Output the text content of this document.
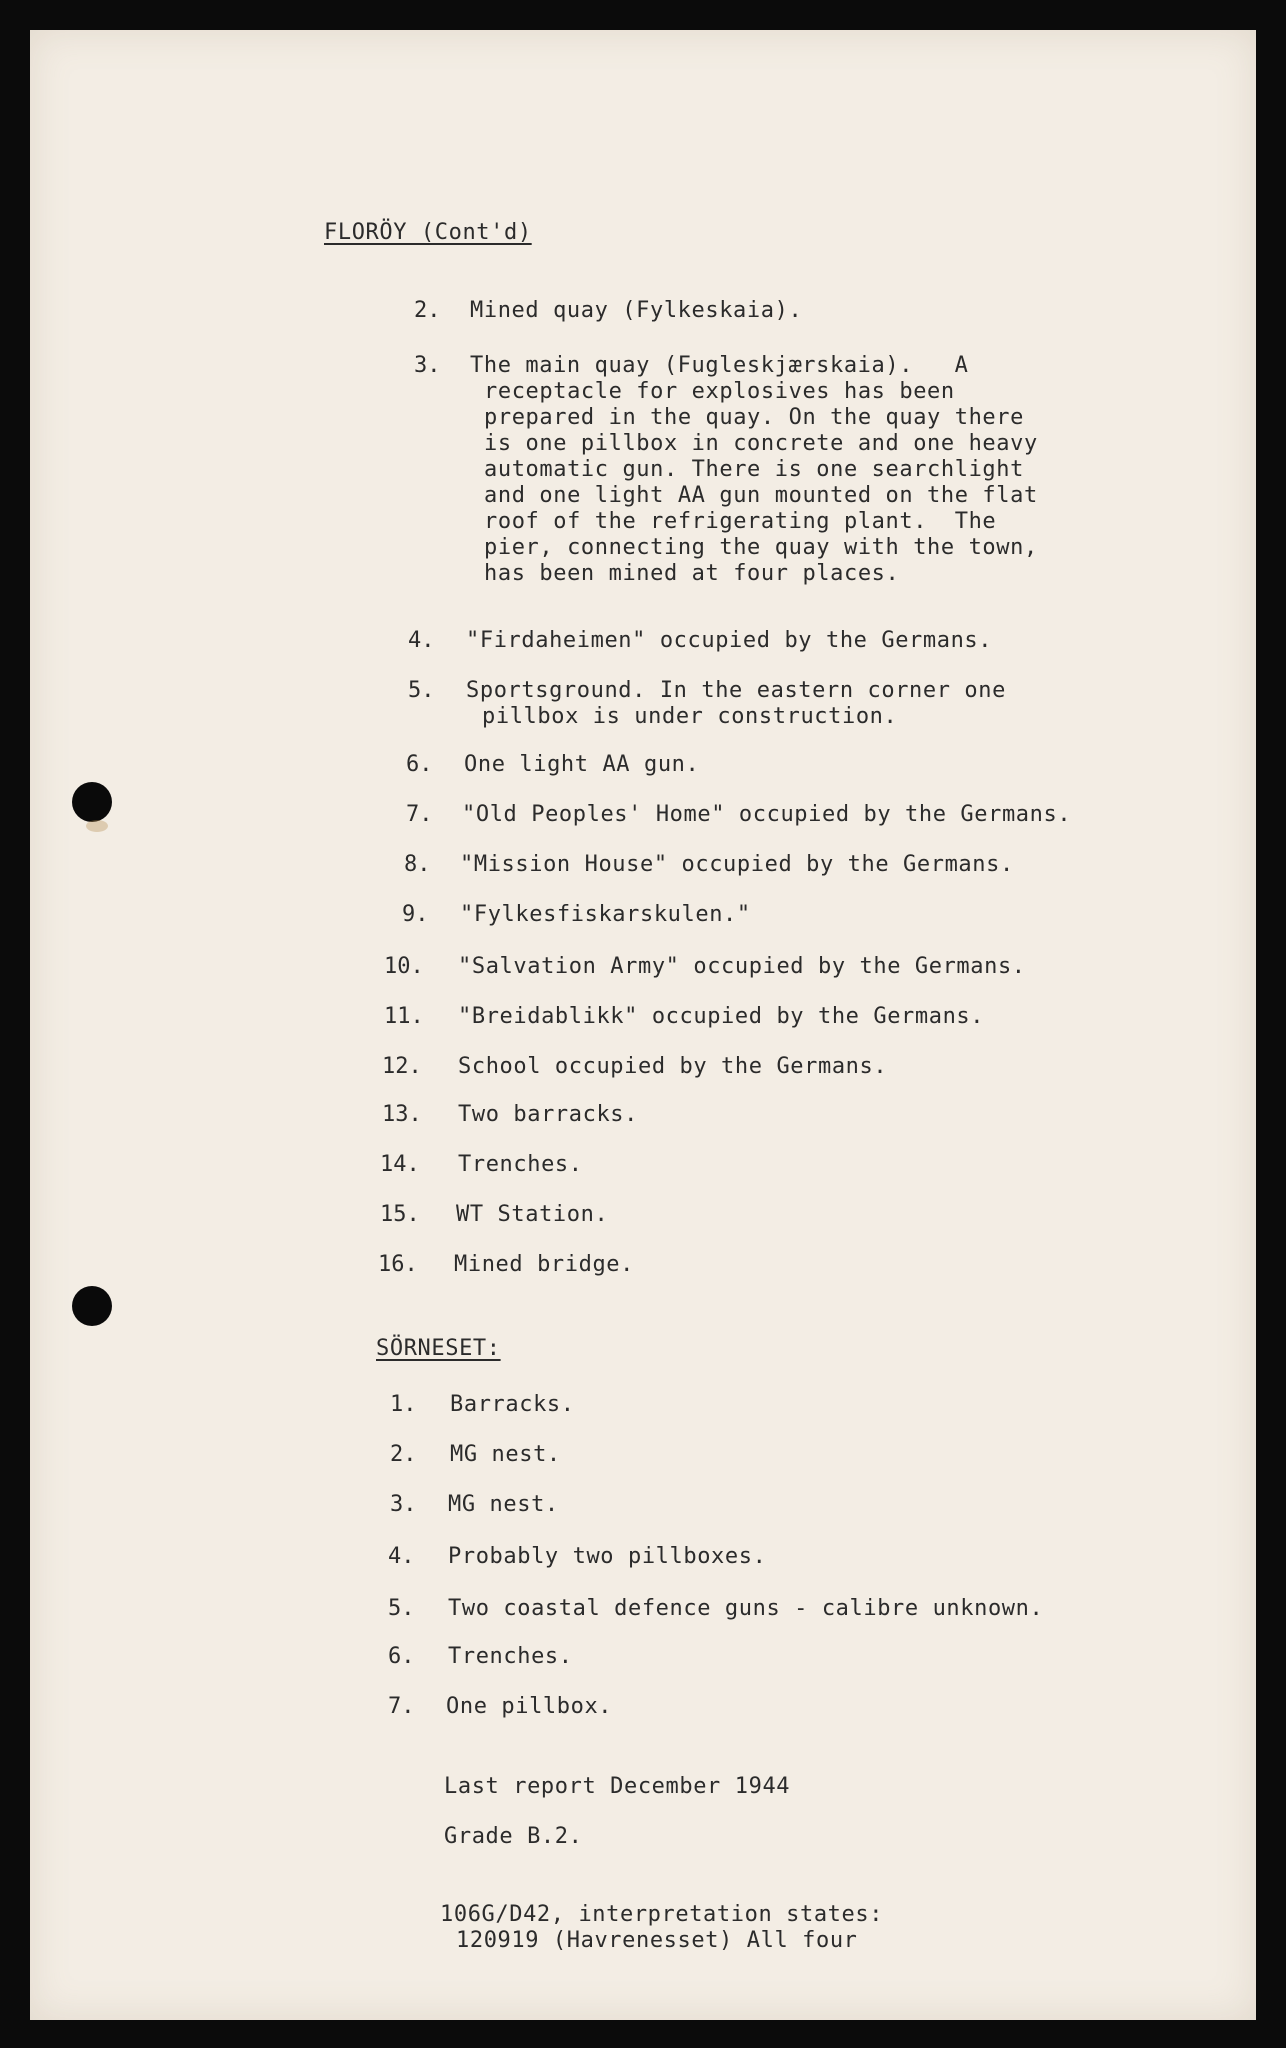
FLORÖY (Cont'd)
2. Mined quay (Fylkeskaia).
3. The main quay (Fugleskjærskaia).   A
receptacle for explosives has been
prepared in the quay. On the quay there
is one pillbox in concrete and one heavy
automatic gun. There is one searchlight
and one light AA gun mounted on the flat
roof of the refrigerating plant.  The
pier, connecting the quay with the town,
has been mined at four places.
4. "Firdaheimen" occupied by the Germans.
5. Sportsground. In the eastern corner one
pillbox is under construction.
6. One light AA gun.
7. "Old Peoples' Home" occupied by the Germans.
8. "Mission House" occupied by the Germans.
9. "Fylkesfiskarskulen."
10. "Salvation Army" occupied by the Germans.
11. "Breidablikk" occupied by the Germans.
12. School occupied by the Germans.
13. Two barracks.
14. Trenches.
15. WT Station.
16. Mined bridge.
SÖRNESET:
1. Barracks.
2. MG nest.
3. MG nest.
4. Probably two pillboxes.
5. Two coastal defence guns - calibre unknown.
6. Trenches.
7. One pillbox.
Last report December 1944
Grade B.2.
106G/D42, interpretation states:
120919 (Havrenesset) All four
